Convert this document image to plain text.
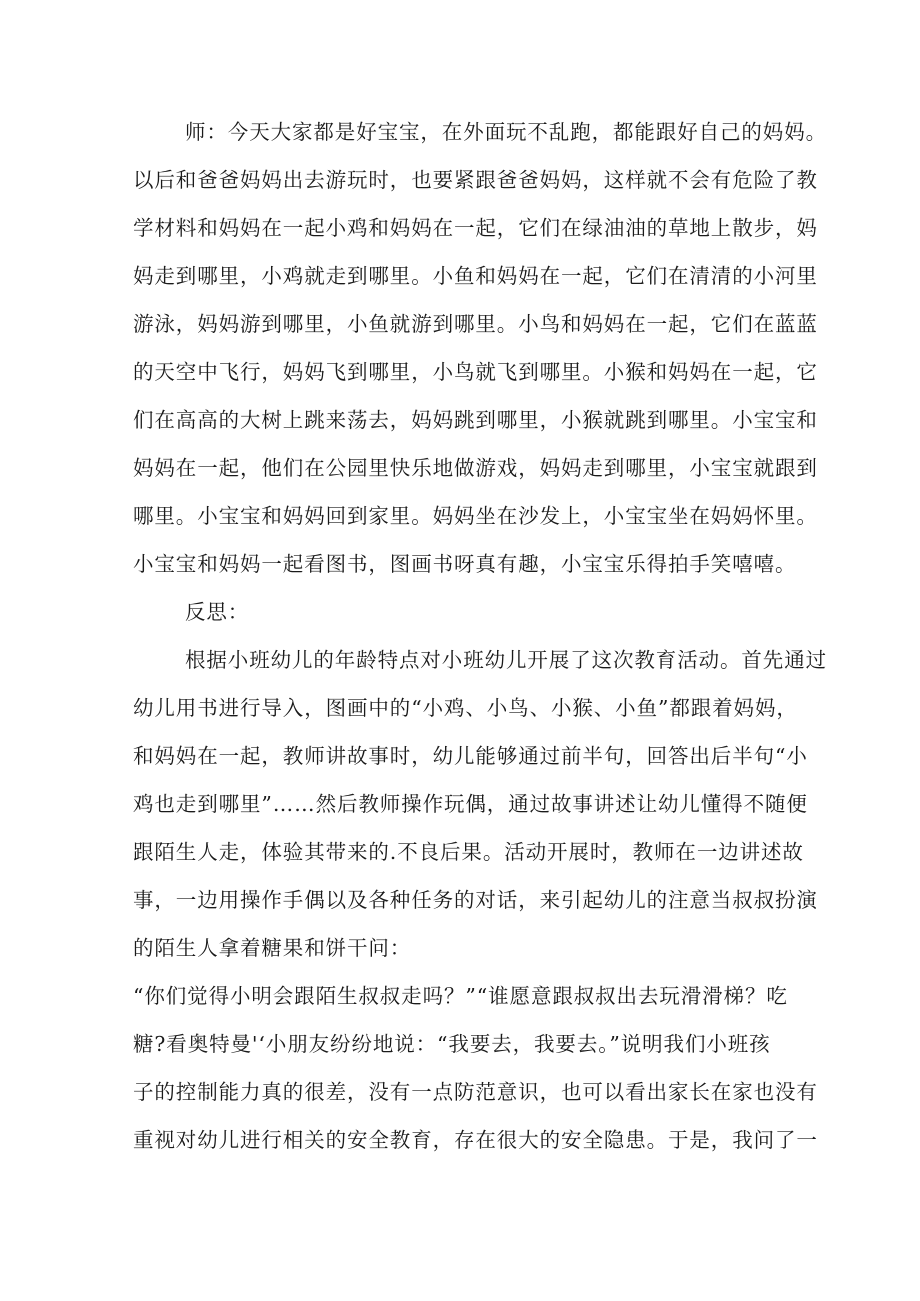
师：今天大家都是好宝宝，在外面玩不乱跑，都能跟好自己的妈妈。
以后和爸爸妈妈出去游玩时，也要紧跟爸爸妈妈，这样就不会有危险了教
学材料和妈妈在一起小鸡和妈妈在一起，它们在绿油油的草地上散步，妈
妈走到哪里，小鸡就走到哪里。小鱼和妈妈在一起，它们在清清的小河里
游泳，妈妈游到哪里，小鱼就游到哪里。小鸟和妈妈在一起，它们在蓝蓝
的天空中飞行，妈妈飞到哪里，小鸟就飞到哪里。小猴和妈妈在一起，它
们在高高的大树上跳来荡去，妈妈跳到哪里，小猴就跳到哪里。小宝宝和
妈妈在一起，他们在公园里快乐地做游戏，妈妈走到哪里，小宝宝就跟到
哪里。小宝宝和妈妈回到家里。妈妈坐在沙发上，小宝宝坐在妈妈怀里。
小宝宝和妈妈一起看图书，图画书呀真有趣，小宝宝乐得拍手笑嘻嘻。
反思：
根据小班幼儿的年龄特点对小班幼儿开展了这次教育活动。首先通过
幼儿用书进行导入，图画中的“小鸡、小鸟、小猴、小鱼”都跟着妈妈，
和妈妈在一起，教师讲故事时，幼儿能够通过前半句，回答出后半句“小
鸡也走到哪里”……然后教师操作玩偶，通过故事讲述让幼儿懂得不随便
跟陌生人走，体验其带来的.不良后果。活动开展时，教师在一边讲述故
事，一边用操作手偶以及各种任务的对话，来引起幼儿的注意当叔叔扮演
的陌生人拿着糖果和饼干问：
“你们觉得小明会跟陌生叔叔走吗？”“谁愿意跟叔叔出去玩滑滑梯？吃
糖?看奥特曼'‘小朋友纷纷地说：“我要去，我要去。”说明我们小班孩
子的控制能力真的很差，没有一点防范意识，也可以看出家长在家也没有
重视对幼儿进行相关的安全教育，存在很大的安全隐患。于是，我问了一
